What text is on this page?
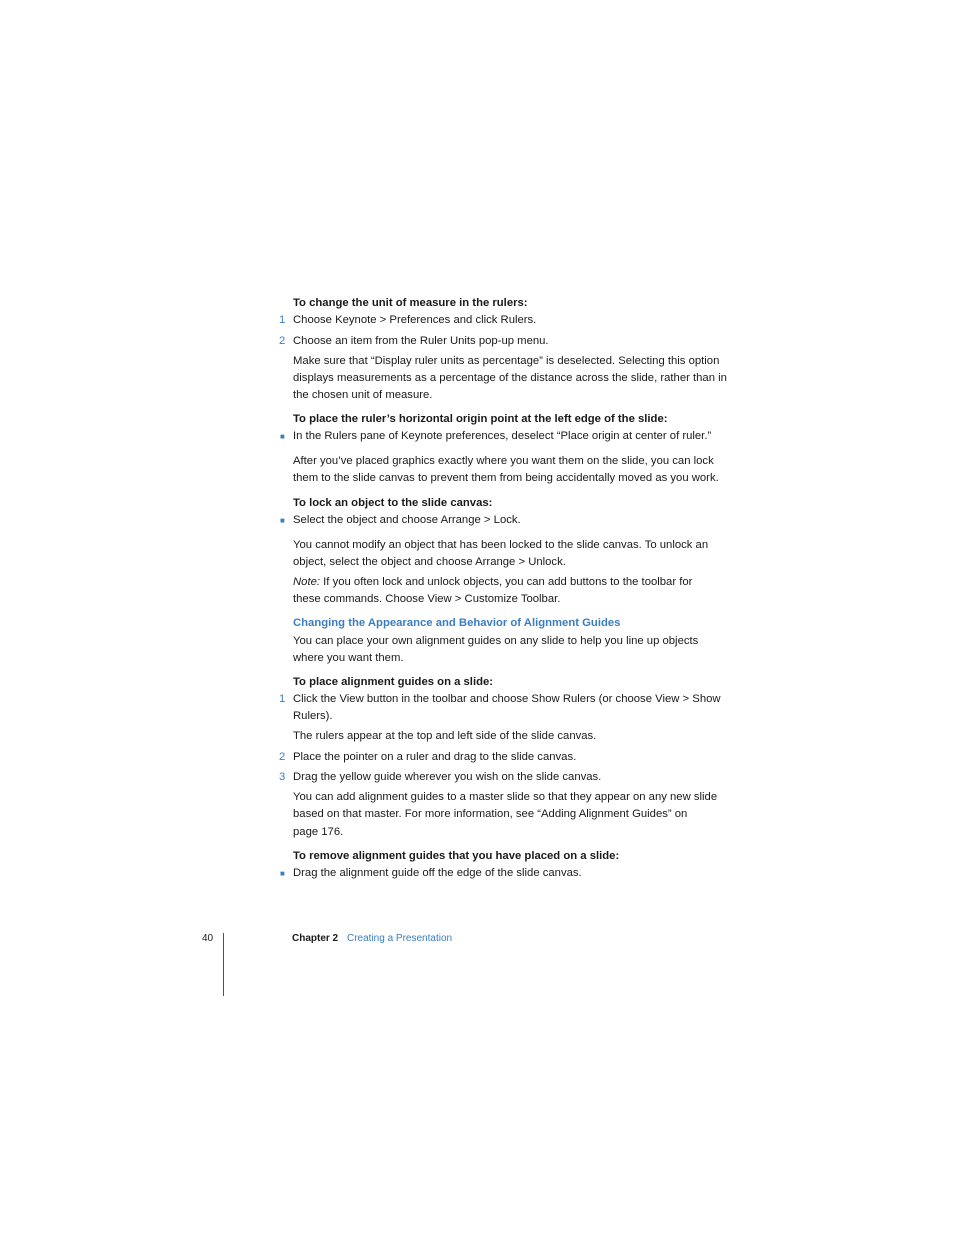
To change the unit of measure in the rulers:
1 Choose Keynote > Preferences and click Rulers.
2 Choose an item from the Ruler Units pop-up menu.
Make sure that “Display ruler units as percentage” is deselected. Selecting this option
displays measurements as a percentage of the distance across the slide, rather than in
the chosen unit of measure.
To place the ruler’s horizontal origin point at the left edge of the slide:
■ In the Rulers pane of Keynote preferences, deselect “Place origin at center of ruler.”
After you’ve placed graphics exactly where you want them on the slide, you can lock
them to the slide canvas to prevent them from being accidentally moved as you work.
To lock an object to the slide canvas:
■ Select the object and choose Arrange > Lock.
You cannot modify an object that has been locked to the slide canvas. To unlock an
object, select the object and choose Arrange > Unlock.
Note: If you often lock and unlock objects, you can add buttons to the toolbar for
these commands. Choose View > Customize Toolbar.
Changing the Appearance and Behavior of Alignment Guides
You can place your own alignment guides on any slide to help you line up objects
where you want them.
To place alignment guides on a slide:
1 Click the View button in the toolbar and choose Show Rulers (or choose View > Show
Rulers).
The rulers appear at the top and left side of the slide canvas.
2 Place the pointer on a ruler and drag to the slide canvas.
3 Drag the yellow guide wherever you wish on the slide canvas.
You can add alignment guides to a master slide so that they appear on any new slide
based on that master. For more information, see “Adding Alignment Guides” on
page 176.
To remove alignment guides that you have placed on a slide:
■ Drag the alignment guide off the edge of the slide canvas.
40	Chapter 2 Creating a Presentation
